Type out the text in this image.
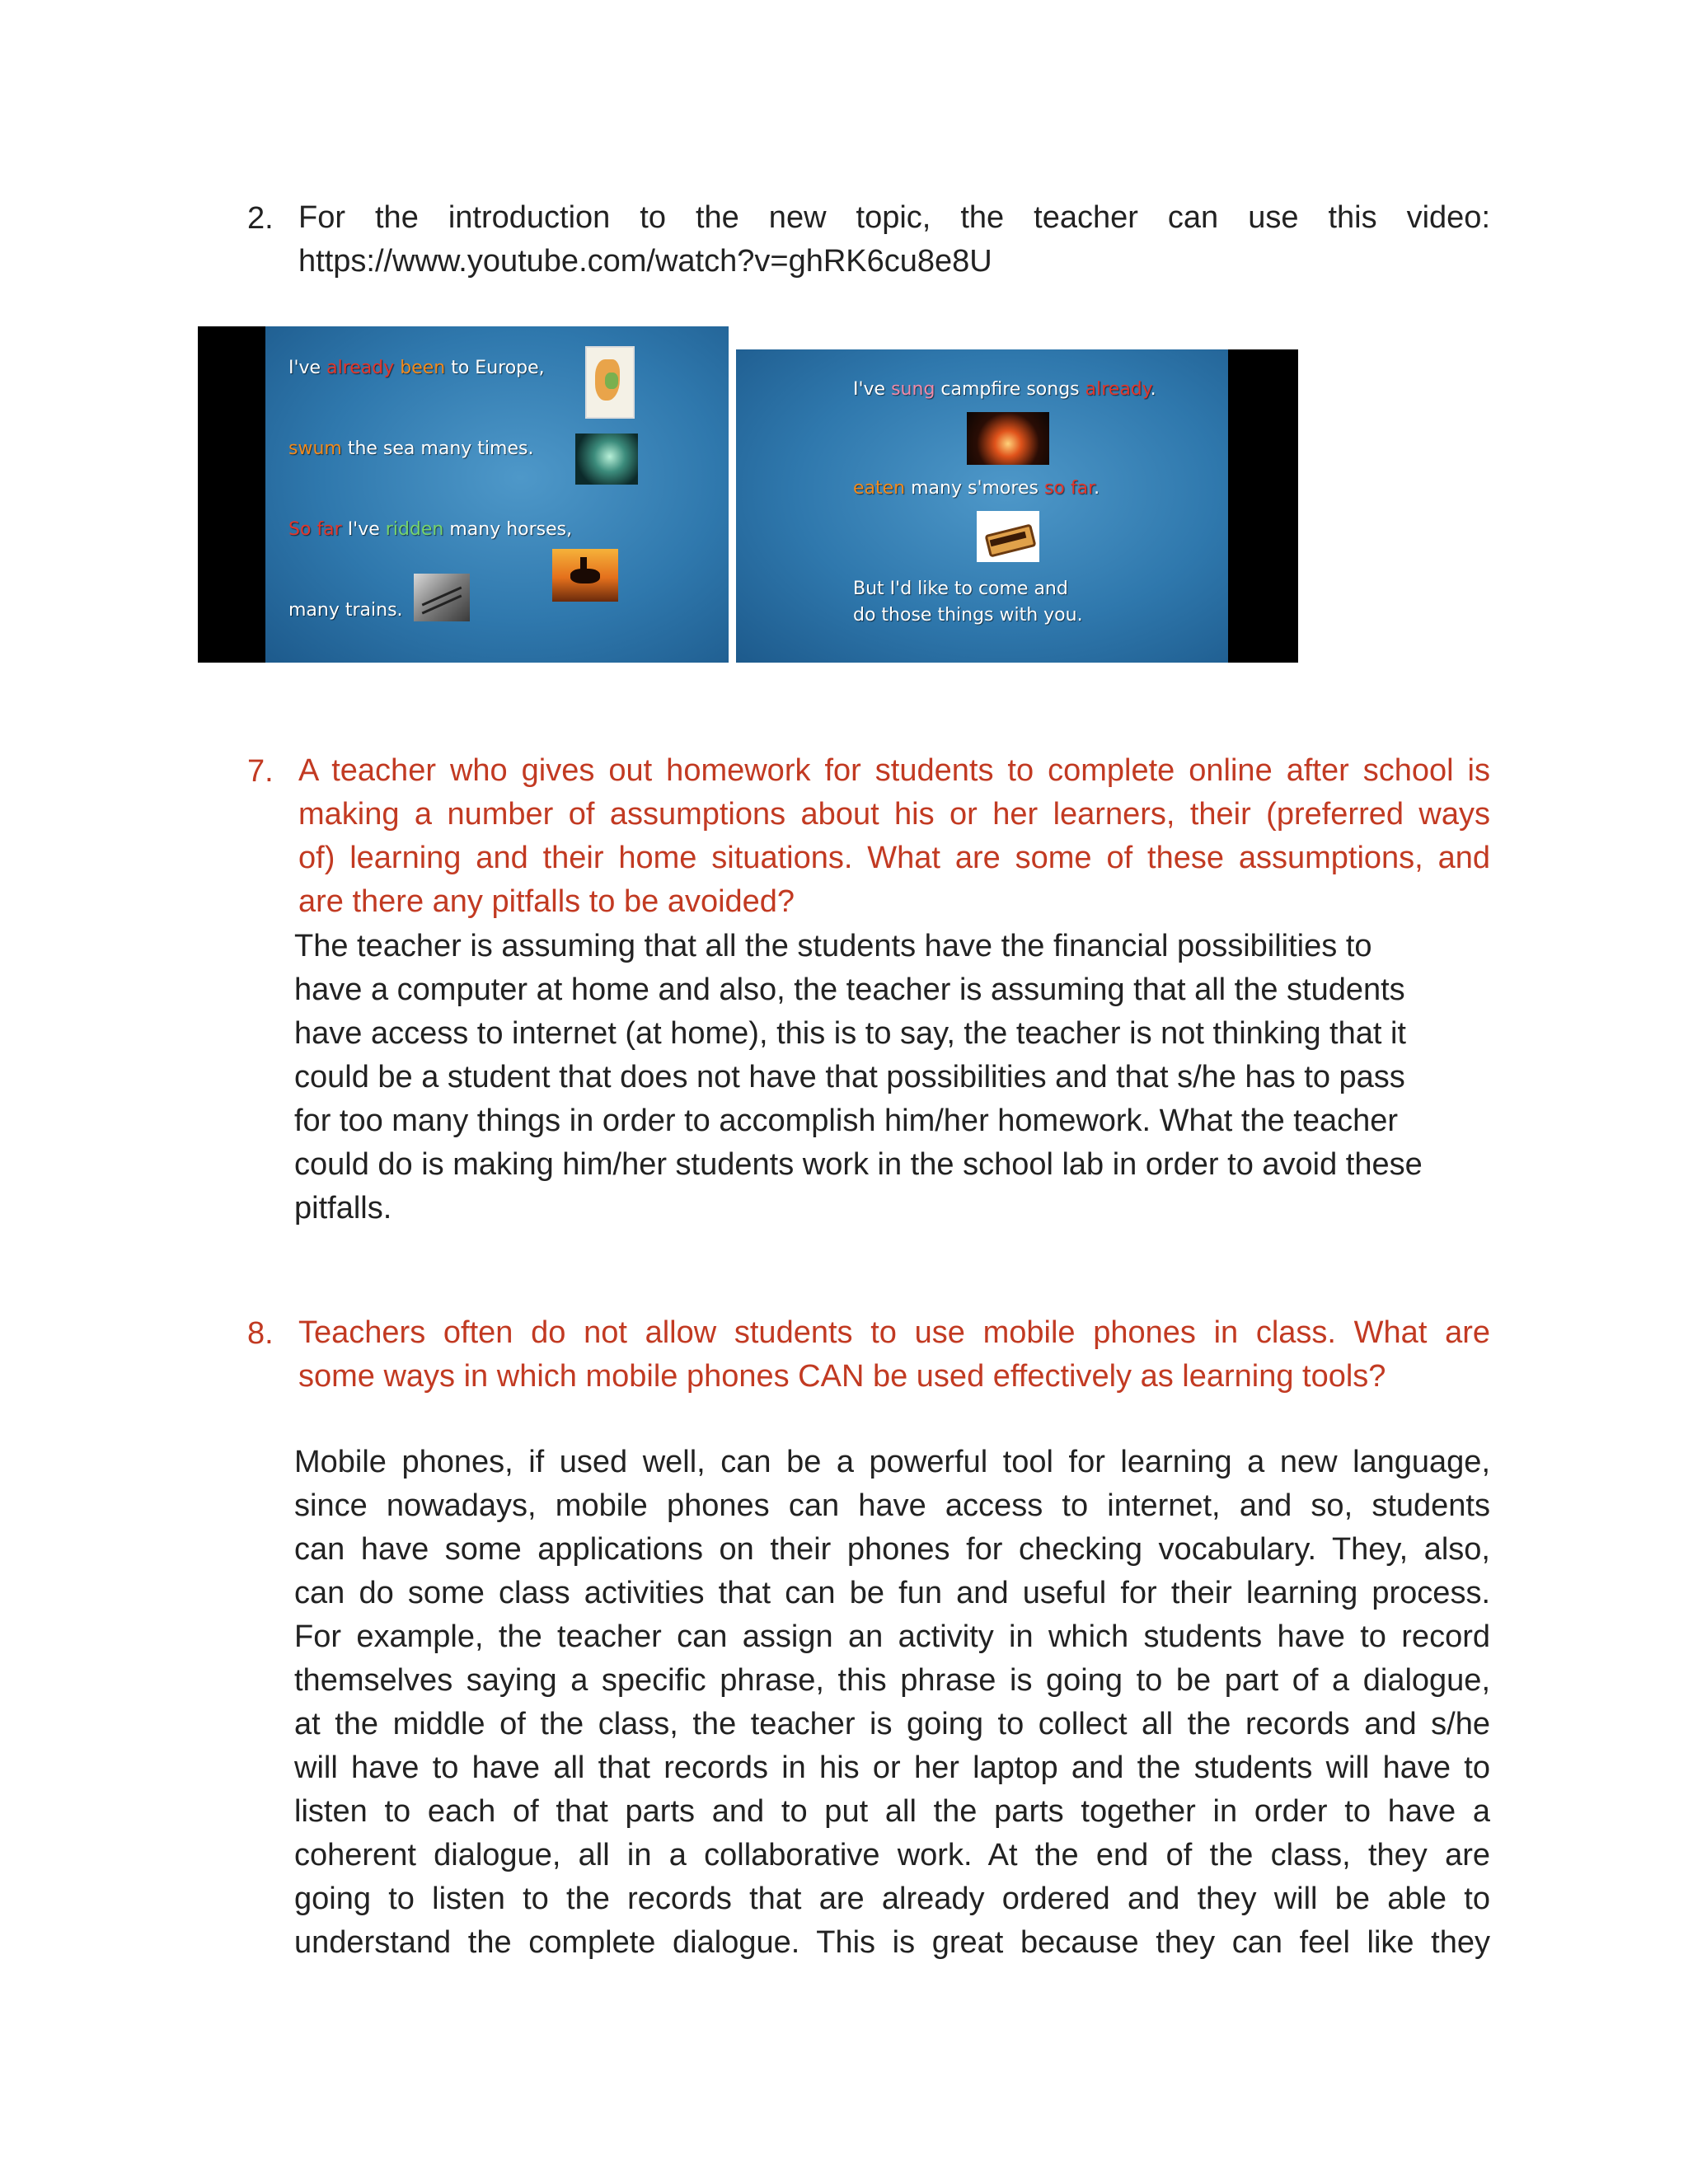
2. For the introduction to the new topic, the teacher can use this video:
https://www.youtube.com/watch?v=ghRK6cu8e8U
I've already been to Europe,
swum the sea many times.
So far I've ridden many horses,
many trains.
I've sung campfire songs already.
eaten many s'mores so far.
But I'd like to come and
do those things with you.
7. A teacher who gives out homework for students to complete online after school is
making a number of assumptions about his or her learners, their (preferred ways
of) learning and their home situations. What are some of these assumptions, and
are there any pitfalls to be avoided?
The teacher is assuming that all the students have the financial possibilities to
have a computer at home and also, the teacher is assuming that all the students
have access to internet (at home), this is to say, the teacher is not thinking that it
could be a student that does not have that possibilities and that s/he has to pass
for too many things in order to accomplish him/her homework. What the teacher
could do is making him/her students work in the school lab in order to avoid these
pitfalls.
8. Teachers often do not allow students to use mobile phones in class. What are
some ways in which mobile phones CAN be used effectively as learning tools?
Mobile phones, if used well, can be a powerful tool for learning a new language,
since nowadays, mobile phones can have access to internet, and so, students
can have some applications on their phones for checking vocabulary. They, also,
can do some class activities that can be fun and useful for their learning process.
For example, the teacher can assign an activity in which students have to record
themselves saying a specific phrase, this phrase is going to be part of a dialogue,
at the middle of the class, the teacher is going to collect all the records and s/he
will have to have all that records in his or her laptop and the students will have to
listen to each of that parts and to put all the parts together in order to have a
coherent dialogue, all in a collaborative work. At the end of the class, they are
going to listen to the records that are already ordered and they will be able to
understand the complete dialogue. This is great because they can feel like they
